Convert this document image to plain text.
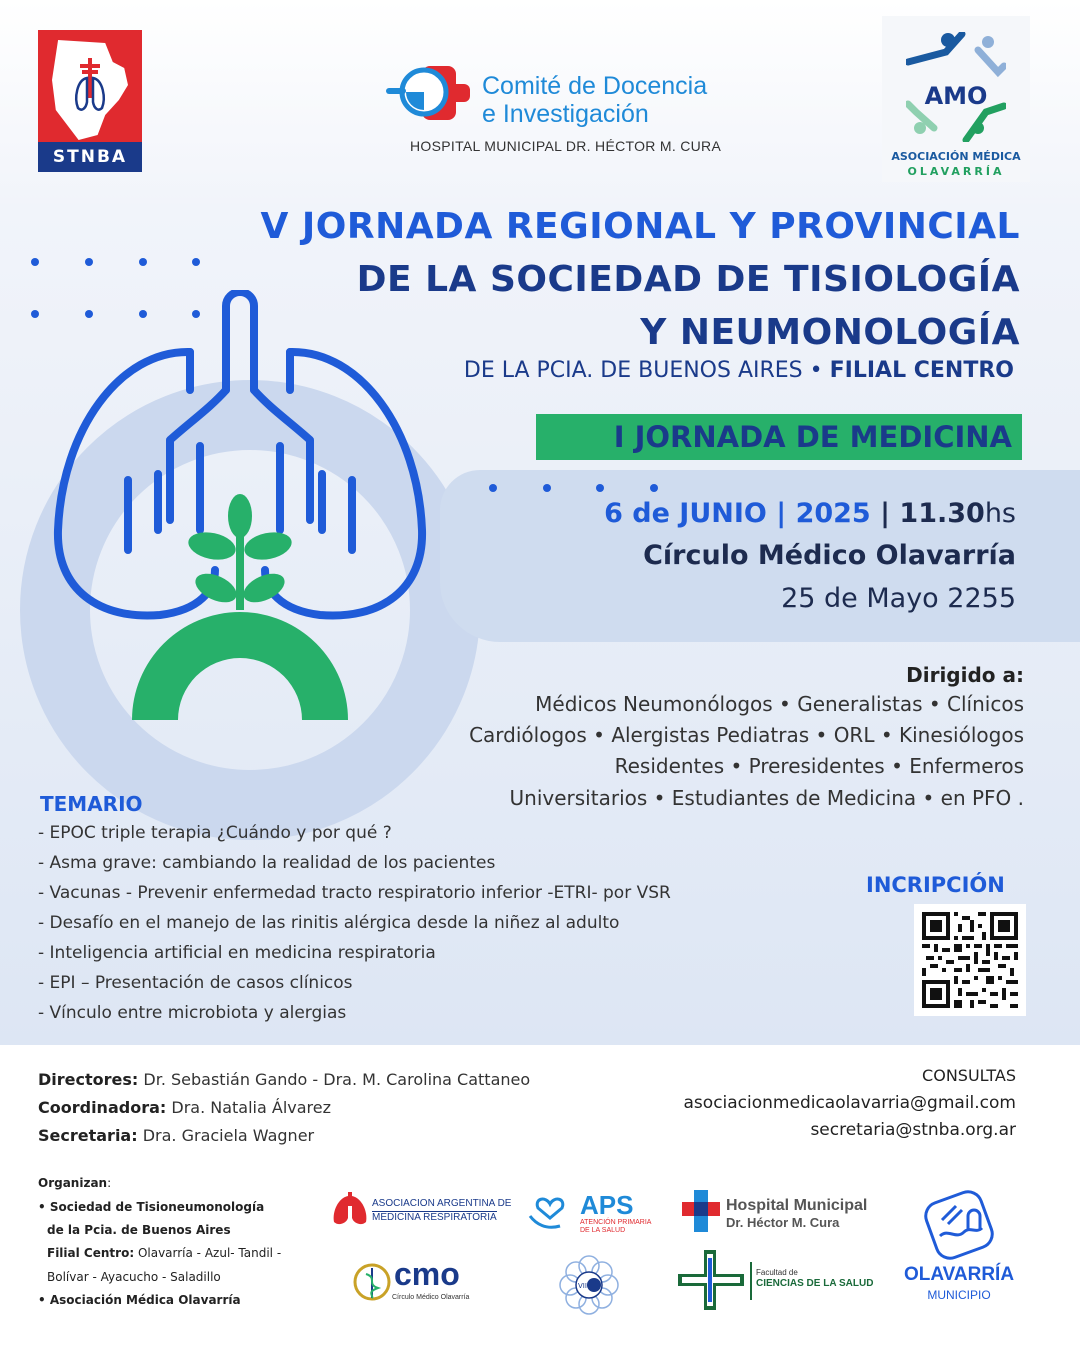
STNBA
Comité de Docencia
e Investigación
HOSPITAL MUNICIPAL DR. HÉCTOR M. CURA
AMO
ASOCIACIÓN MÉDICA
OLAVARRÍA
V JORNADA REGIONAL Y PROVINCIAL
DE LA SOCIEDAD DE TISIOLOGÍA
Y NEUMONOLOGÍA
DE LA PCIA. DE BUENOS AIRES • FILIAL CENTRO
I JORNADA DE MEDICINA
6 de JUNIO | 2025 | 11.30hs
Círculo Médico Olavarría
25 de Mayo 2255
Dirigido a:
Médicos Neumonólogos • Generalistas • Clínicos
Cardiólogos • Alergistas Pediatras • ORL • Kinesiólogos
Residentes • Preresidentes • Enfermeros
Universitarios • Estudiantes de Medicina • en PFO .
TEMARIO
- EPOC triple terapia ¿Cuándo y por qué ?
- Asma grave: cambiando la realidad de los pacientes
- Vacunas - Prevenir enfermedad tracto respiratorio inferior -ETRI- por VSR
- Desafío en el manejo de las rinitis alérgica desde la niñez al adulto
- Inteligencia artificial en medicina respiratoria
- EPI – Presentación de casos clínicos
- Vínculo entre microbiota y alergias
INCRIPCIÓN
Directores: Dr. Sebastián Gando - Dra. M. Carolina Cattaneo
Coordinadora: Dra. Natalia Álvarez
Secretaria: Dra. Graciela Wagner
CONSULTAS
asociacionmedicaolavarria@gmail.com
secretaria@stnba.org.ar
Organizan:
• Sociedad de Tisioneumonología
de la Pcia. de Buenos Aires
Filial Centro: Olavarría - Azul- Tandil -
Bolívar - Ayacucho - Saladillo
• Asociación Médica Olavarría
ASOCIACION ARGENTINA DE
MEDICINA RESPIRATORIA	APS
ATENCIÓN PRIMARIA
DE LA SALUD
Hospital Municipal
Dr. Héctor M. Cura
cmo
Círculo Médico Olavarría
VIII
Facultad de
CIENCIAS DE LA SALUD	OLAVARRÍA
MUNICIPIO
